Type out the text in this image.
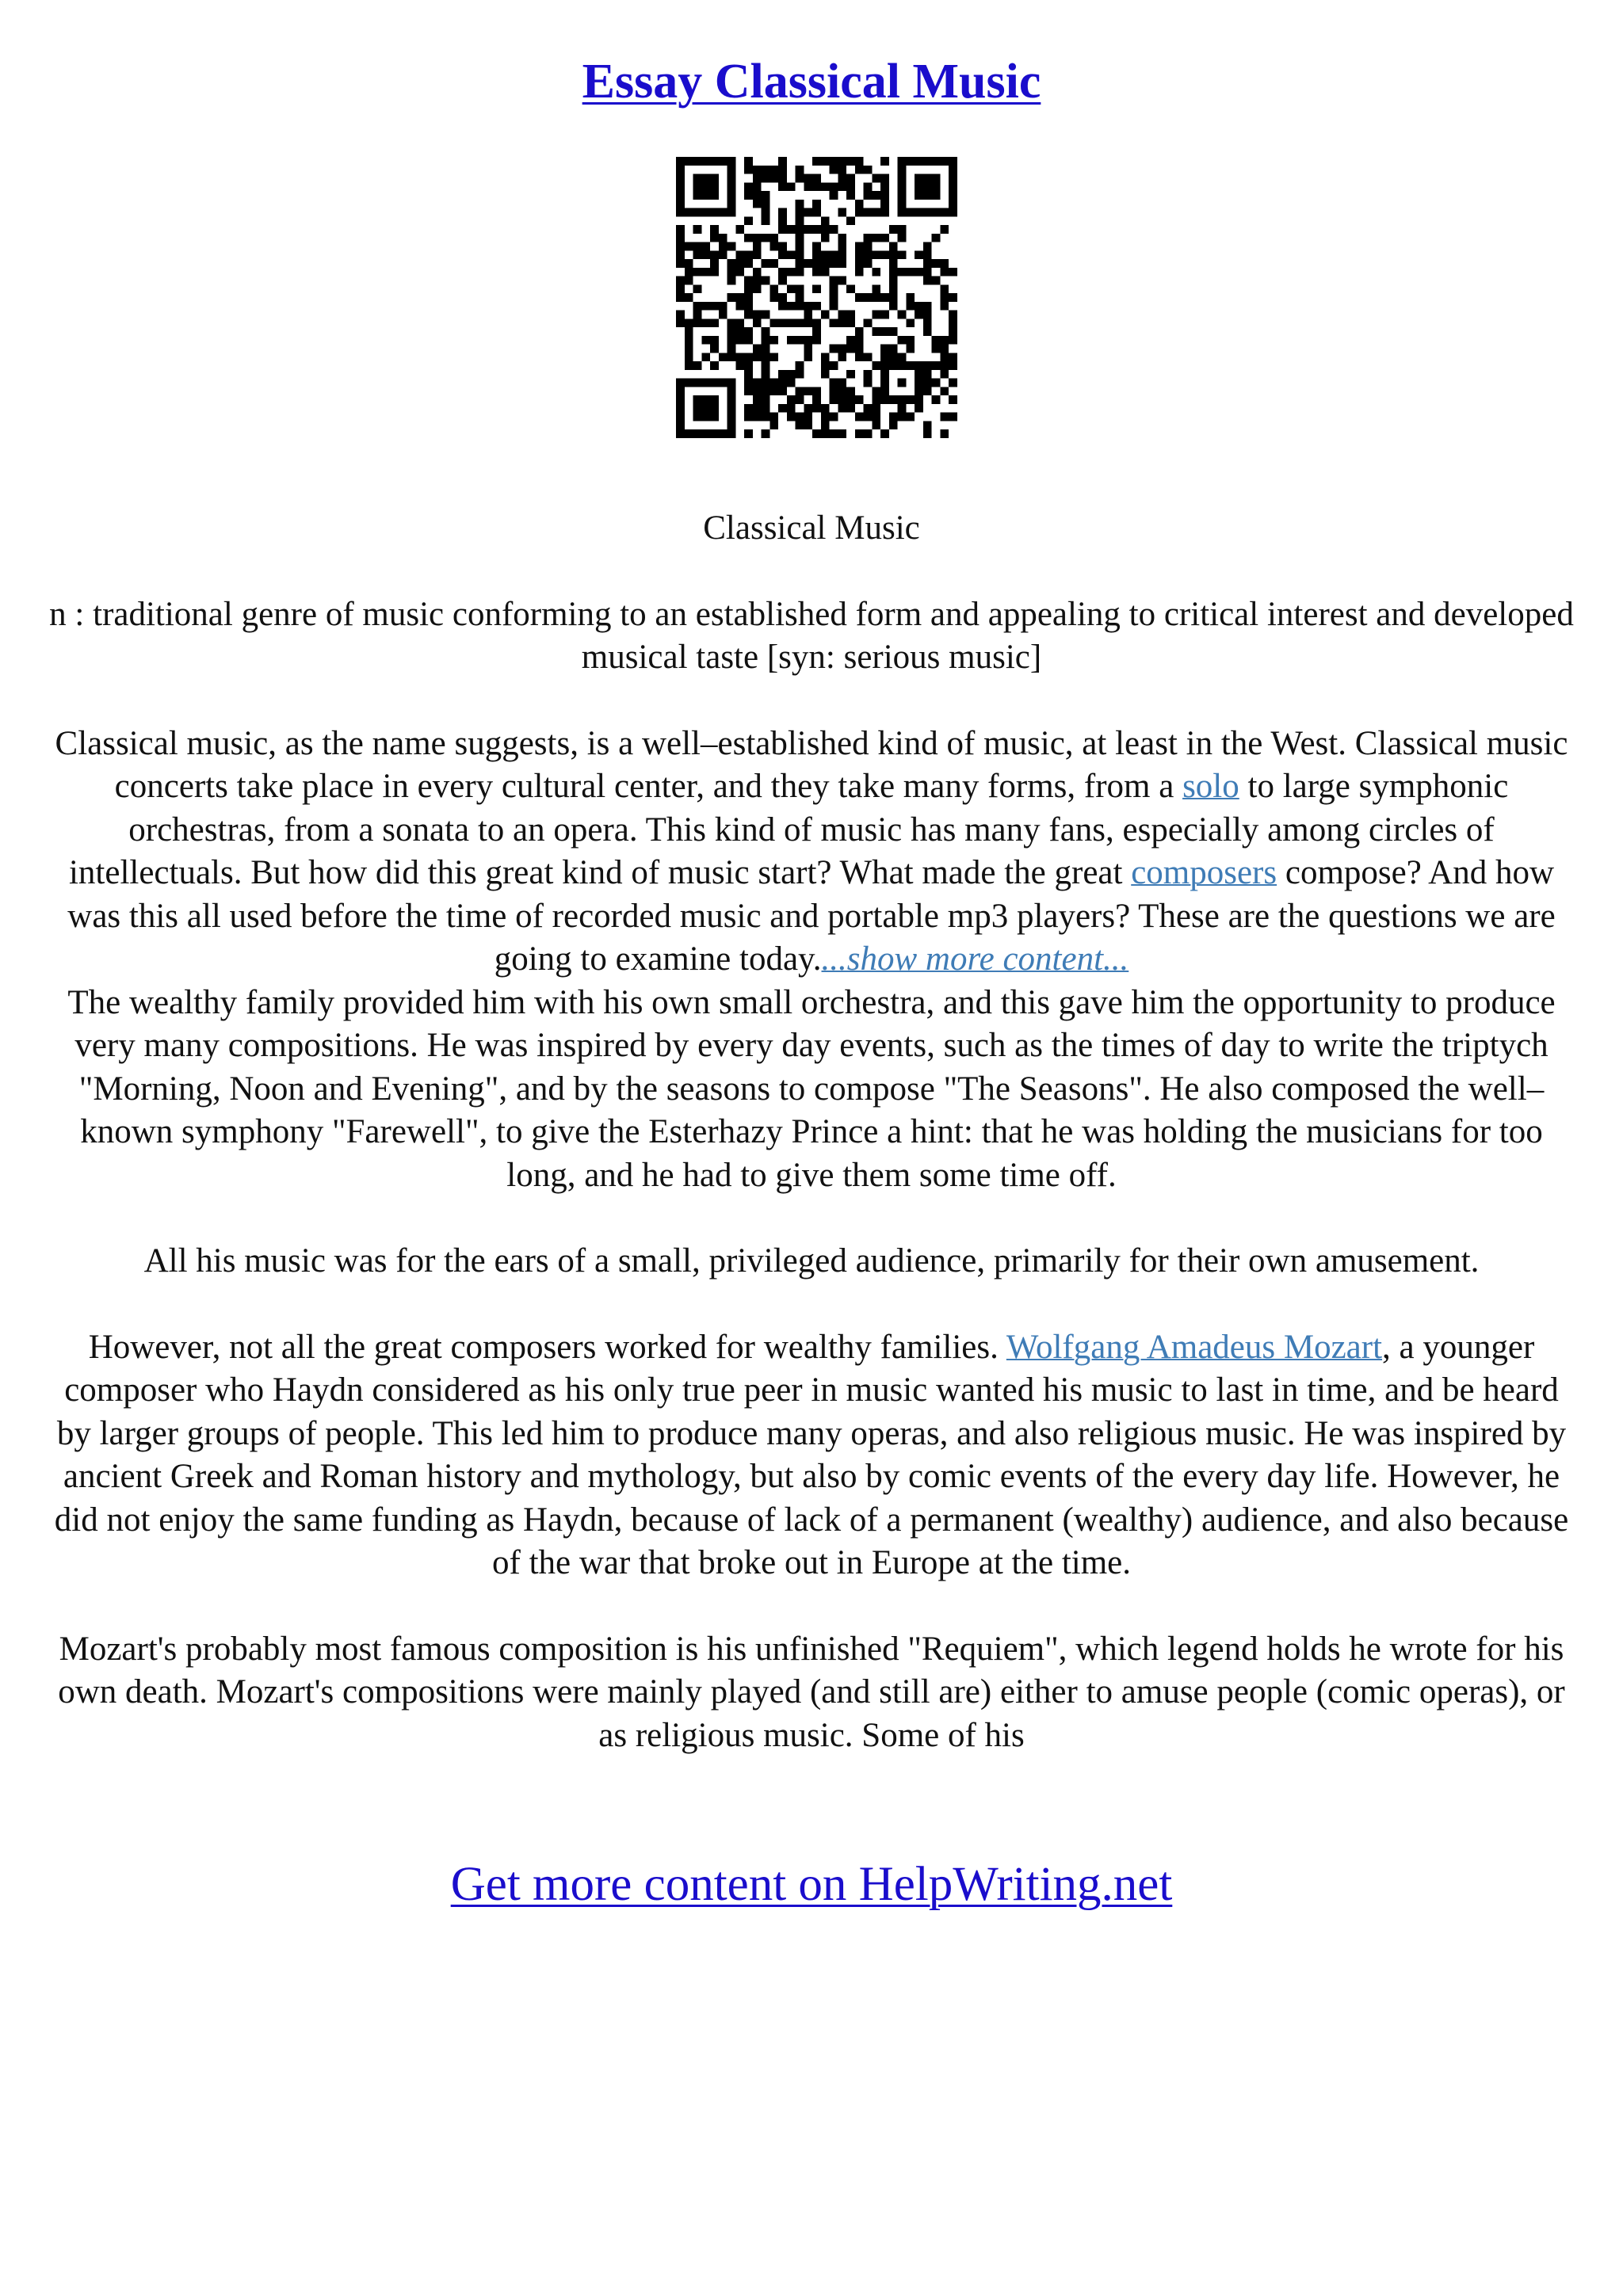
Essay Classical Music

Classical Music

n : traditional genre of music conforming to an established form and appealing to critical interest and developed musical taste [syn: serious music]

Classical music, as the name suggests, is a well–established kind of music, at least in the West. Classical music concerts take place in every cultural center, and they take many forms, from a solo to large symphonic orchestras, from a sonata to an opera. This kind of music has many fans, especially among circles of intellectuals. But how did this great kind of music start? What made the great composers compose? And how was this all used before the time of recorded music and portable mp3 players? These are the questions we are going to examine today....show more content...
The wealthy family provided him with his own small orchestra, and this gave him the opportunity to produce very many compositions. He was inspired by every day events, such as the times of day to write the triptych "Morning, Noon and Evening", and by the seasons to compose "The Seasons". He also composed the well–known symphony "Farewell", to give the Esterhazy Prince a hint: that he was holding the musicians for too long, and he had to give them some time off.

All his music was for the ears of a small, privileged audience, primarily for their own amusement.

However, not all the great composers worked for wealthy families. Wolfgang Amadeus Mozart, a younger composer who Haydn considered as his only true peer in music wanted his music to last in time, and be heard by larger groups of people. This led him to produce many operas, and also religious music. He was inspired by ancient Greek and Roman history and mythology, but also by comic events of the every day life. However, he did not enjoy the same funding as Haydn, because of lack of a permanent (wealthy) audience, and also because of the war that broke out in Europe at the time.

Mozart's probably most famous composition is his unfinished "Requiem", which legend holds he wrote for his own death. Mozart's compositions were mainly played (and still are) either to amuse people (comic operas), or as religious music. Some of his

Get more content on HelpWriting.net
